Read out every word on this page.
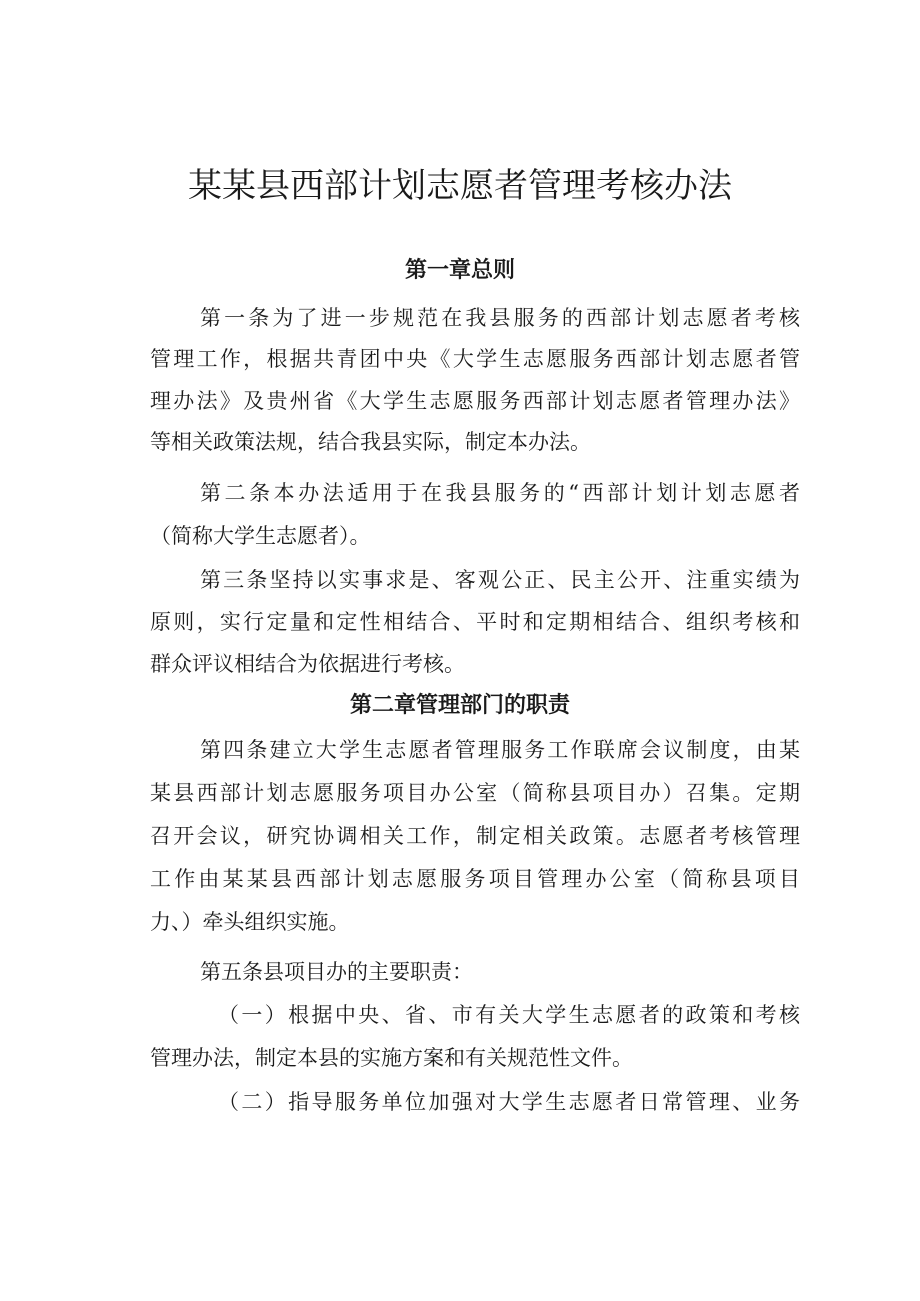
某某县西部计划志愿者管理考核办法
第一章总则

第一条为了进一步规范在我县服务的西部计划志愿者考核

管理工作，根据共青团中央《大学生志愿服务西部计划志愿者管

理办法》及贵州省《大学生志愿服务西部计划志愿者管理办法》

等相关政策法规，结合我县实际，制定本办法。

第二条本办法适用于在我县服务的“西部计划计划志愿者

（简称大学生志愿者）。

第三条坚持以实事求是、客观公正、民主公开、注重实绩为

原则，实行定量和定性相结合、平时和定期相结合、组织考核和

群众评议相结合为依据进行考核。

第二章管理部门的职责

第四条建立大学生志愿者管理服务工作联席会议制度，由某

某县西部计划志愿服务项目办公室（简称县项目办）召集。定期

召开会议，研究协调相关工作，制定相关政策。志愿者考核管理

工作由某某县西部计划志愿服务项目管理办公室（简称县项目

力、）牵头组织实施。

第五条县项目办的主要职责：

（一）根据中央、省、市有关大学生志愿者的政策和考核

管理办法，制定本县的实施方案和有关规范性文件。

（二）指导服务单位加强对大学生志愿者日常管理、业务
